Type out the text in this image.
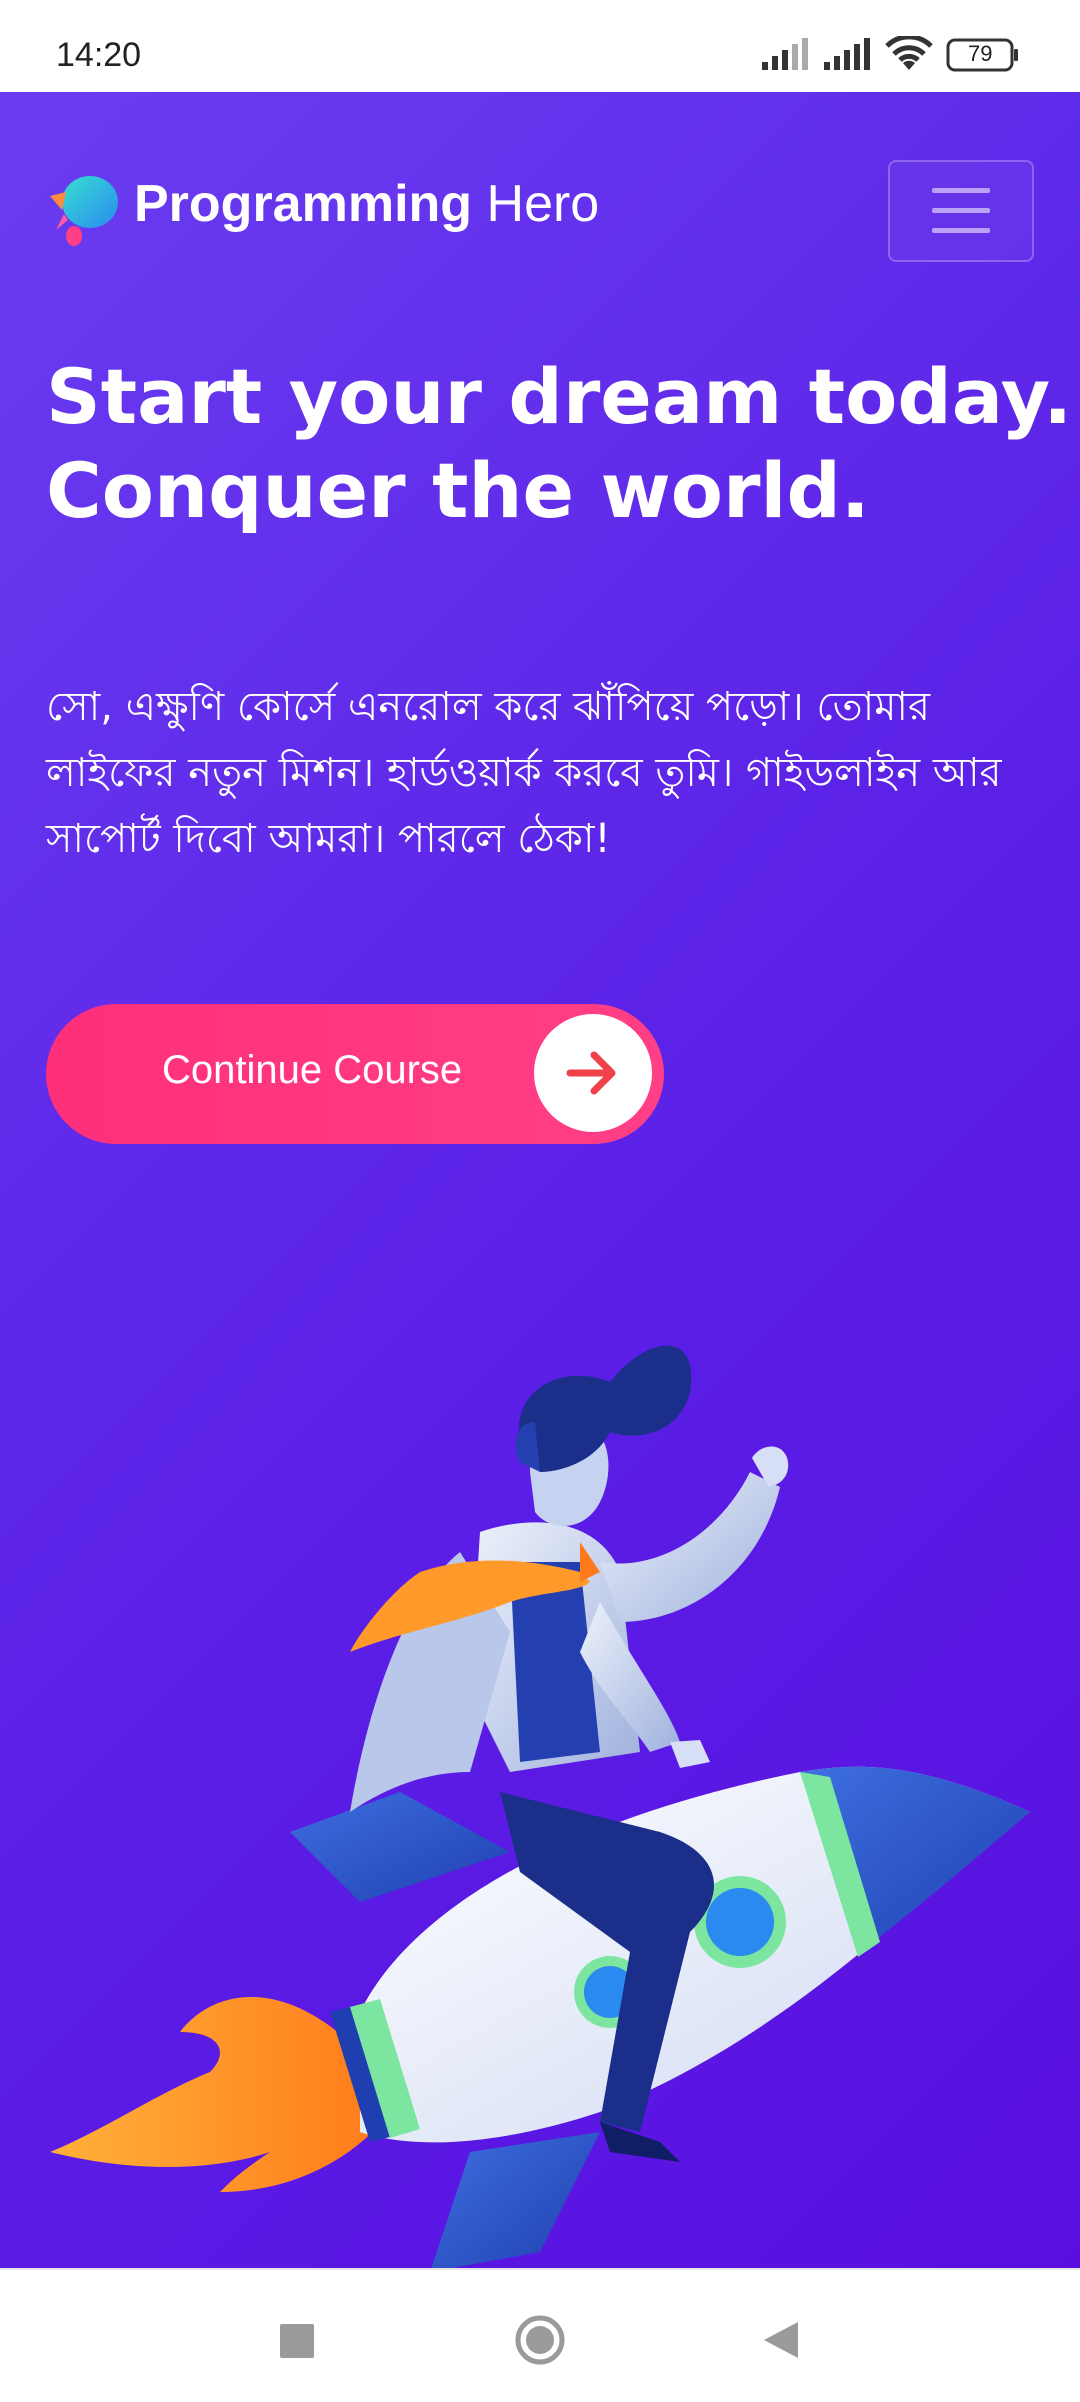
14:20	79
Programming Hero
Start your dream today.
Conquer the world.
সো, এক্ষুণি কোর্সে এনরোল করে ঝাঁপিয়ে পড়ো। তোমার লাইফের নতুন মিশন। হার্ডওয়ার্ক করবে তুমি। গাইডলাইন আর সাপোর্ট দিবো আমরা। পারলে ঠেকা!
Continue Course
